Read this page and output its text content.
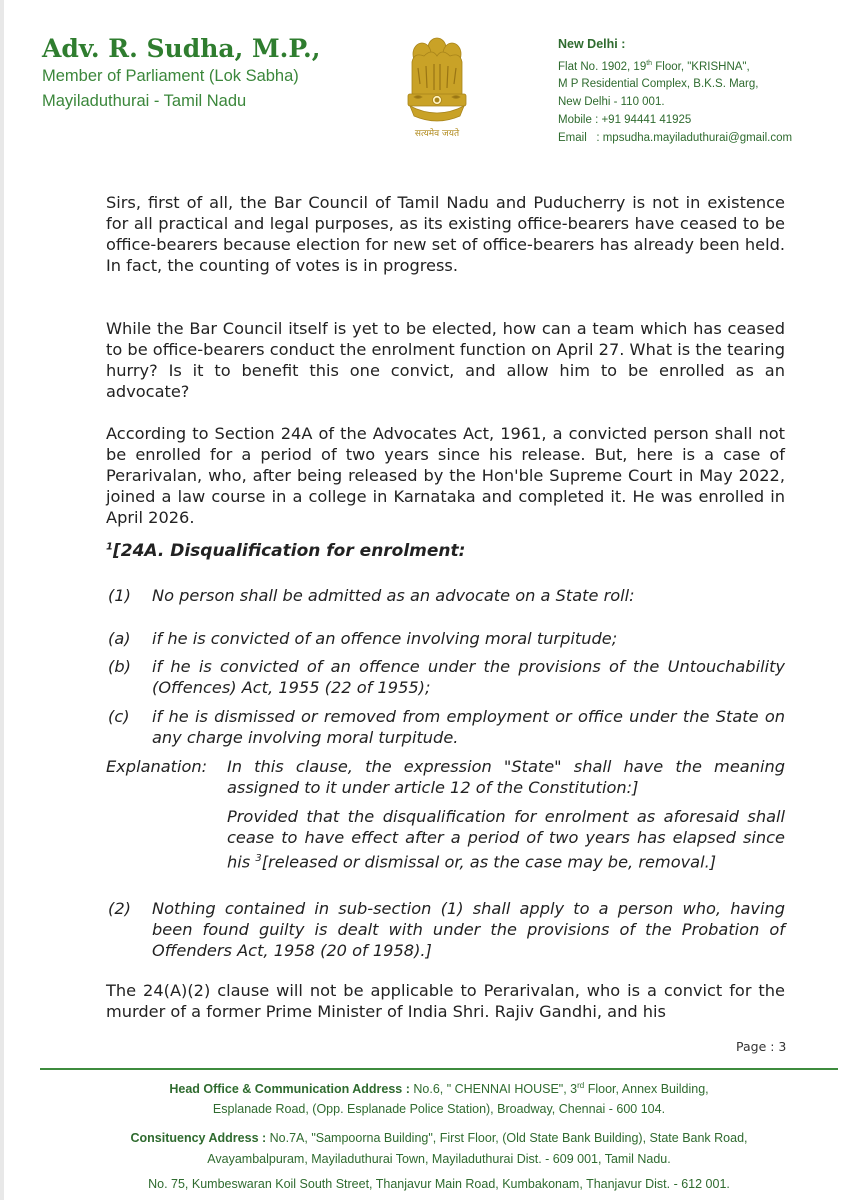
Adv. R. Sudha, M.P.,
Member of Parliament (Lok Sabha)
Mayiladuthurai - Tamil Nadu
सत्यमेव जयते
New Delhi :
Flat No. 1902, 19th Floor, "KRISHNA",
M P Residential Complex, B.K.S. Marg,
New Delhi - 110 001.
Mobile : +91 94441 41925
Email   : mpsudha.mayiladuthurai@gmail.com
Sirs, first of all, the Bar Council of Tamil Nadu and Puducherry is not in existence for all practical and legal purposes, as its existing office-bearers have ceased to be office-bearers because election for new set of office-bearers has already been held. In fact, the counting of votes is in progress.
While the Bar Council itself is yet to be elected, how can a team which has ceased to be office-bearers conduct the enrolment function on April 27. What is the tearing hurry? Is it to benefit this one convict, and allow him to be enrolled as an advocate?
According to Section 24A of the Advocates Act, 1961, a convicted person shall not be enrolled for a period of two years since his release. But, here is a case of Perarivalan, who, after being released by the Hon'ble Supreme Court in May 2022, joined a law course in a college in Karnataka and completed it. He was enrolled in April 2026.
$^1$[24A. Disqualification for enrolment:
(1) No person shall be admitted as an advocate on a State roll:
(a) if he is convicted of an offence involving moral turpitude;
(b) if he is convicted of an offence under the provisions of the Untouchability (Offences) Act, 1955 (22 of 1955);
(c) if he is dismissed or removed from employment or office under the State on any charge involving moral turpitude.
Explanation: In this clause, the expression "State" shall have the meaning assigned to it under article 12 of the Constitution:]
Provided that the disqualification for enrolment as aforesaid shall cease to have effect after a period of two years has elapsed since his $^3$[released or dismissal or, as the case may be, removal.]
(2) Nothing contained in sub-section (1) shall apply to a person who, having been found guilty is dealt with under the provisions of the Probation of Offenders Act, 1958 (20 of 1958).]
The 24(A)(2) clause will not be applicable to Perarivalan, who is a convict for the murder of a former Prime Minister of India Shri. Rajiv Gandhi, and his
Page : 3
Head Office & Communication Address : No.6, " CHENNAI HOUSE", 3rd Floor, Annex Building,
Esplanade Road, (Opp. Esplanade Police Station), Broadway, Chennai - 600 104.
Consituency Address : No.7A, "Sampoorna Building", First Floor, (Old State Bank Building), State Bank Road,
Avayambalpuram, Mayiladuthurai Town, Mayiladuthurai Dist. - 609 001, Tamil Nadu.
No. 75, Kumbeswaran Koil South Street, Thanjavur Main Road, Kumbakonam, Thanjavur Dist. - 612 001.
